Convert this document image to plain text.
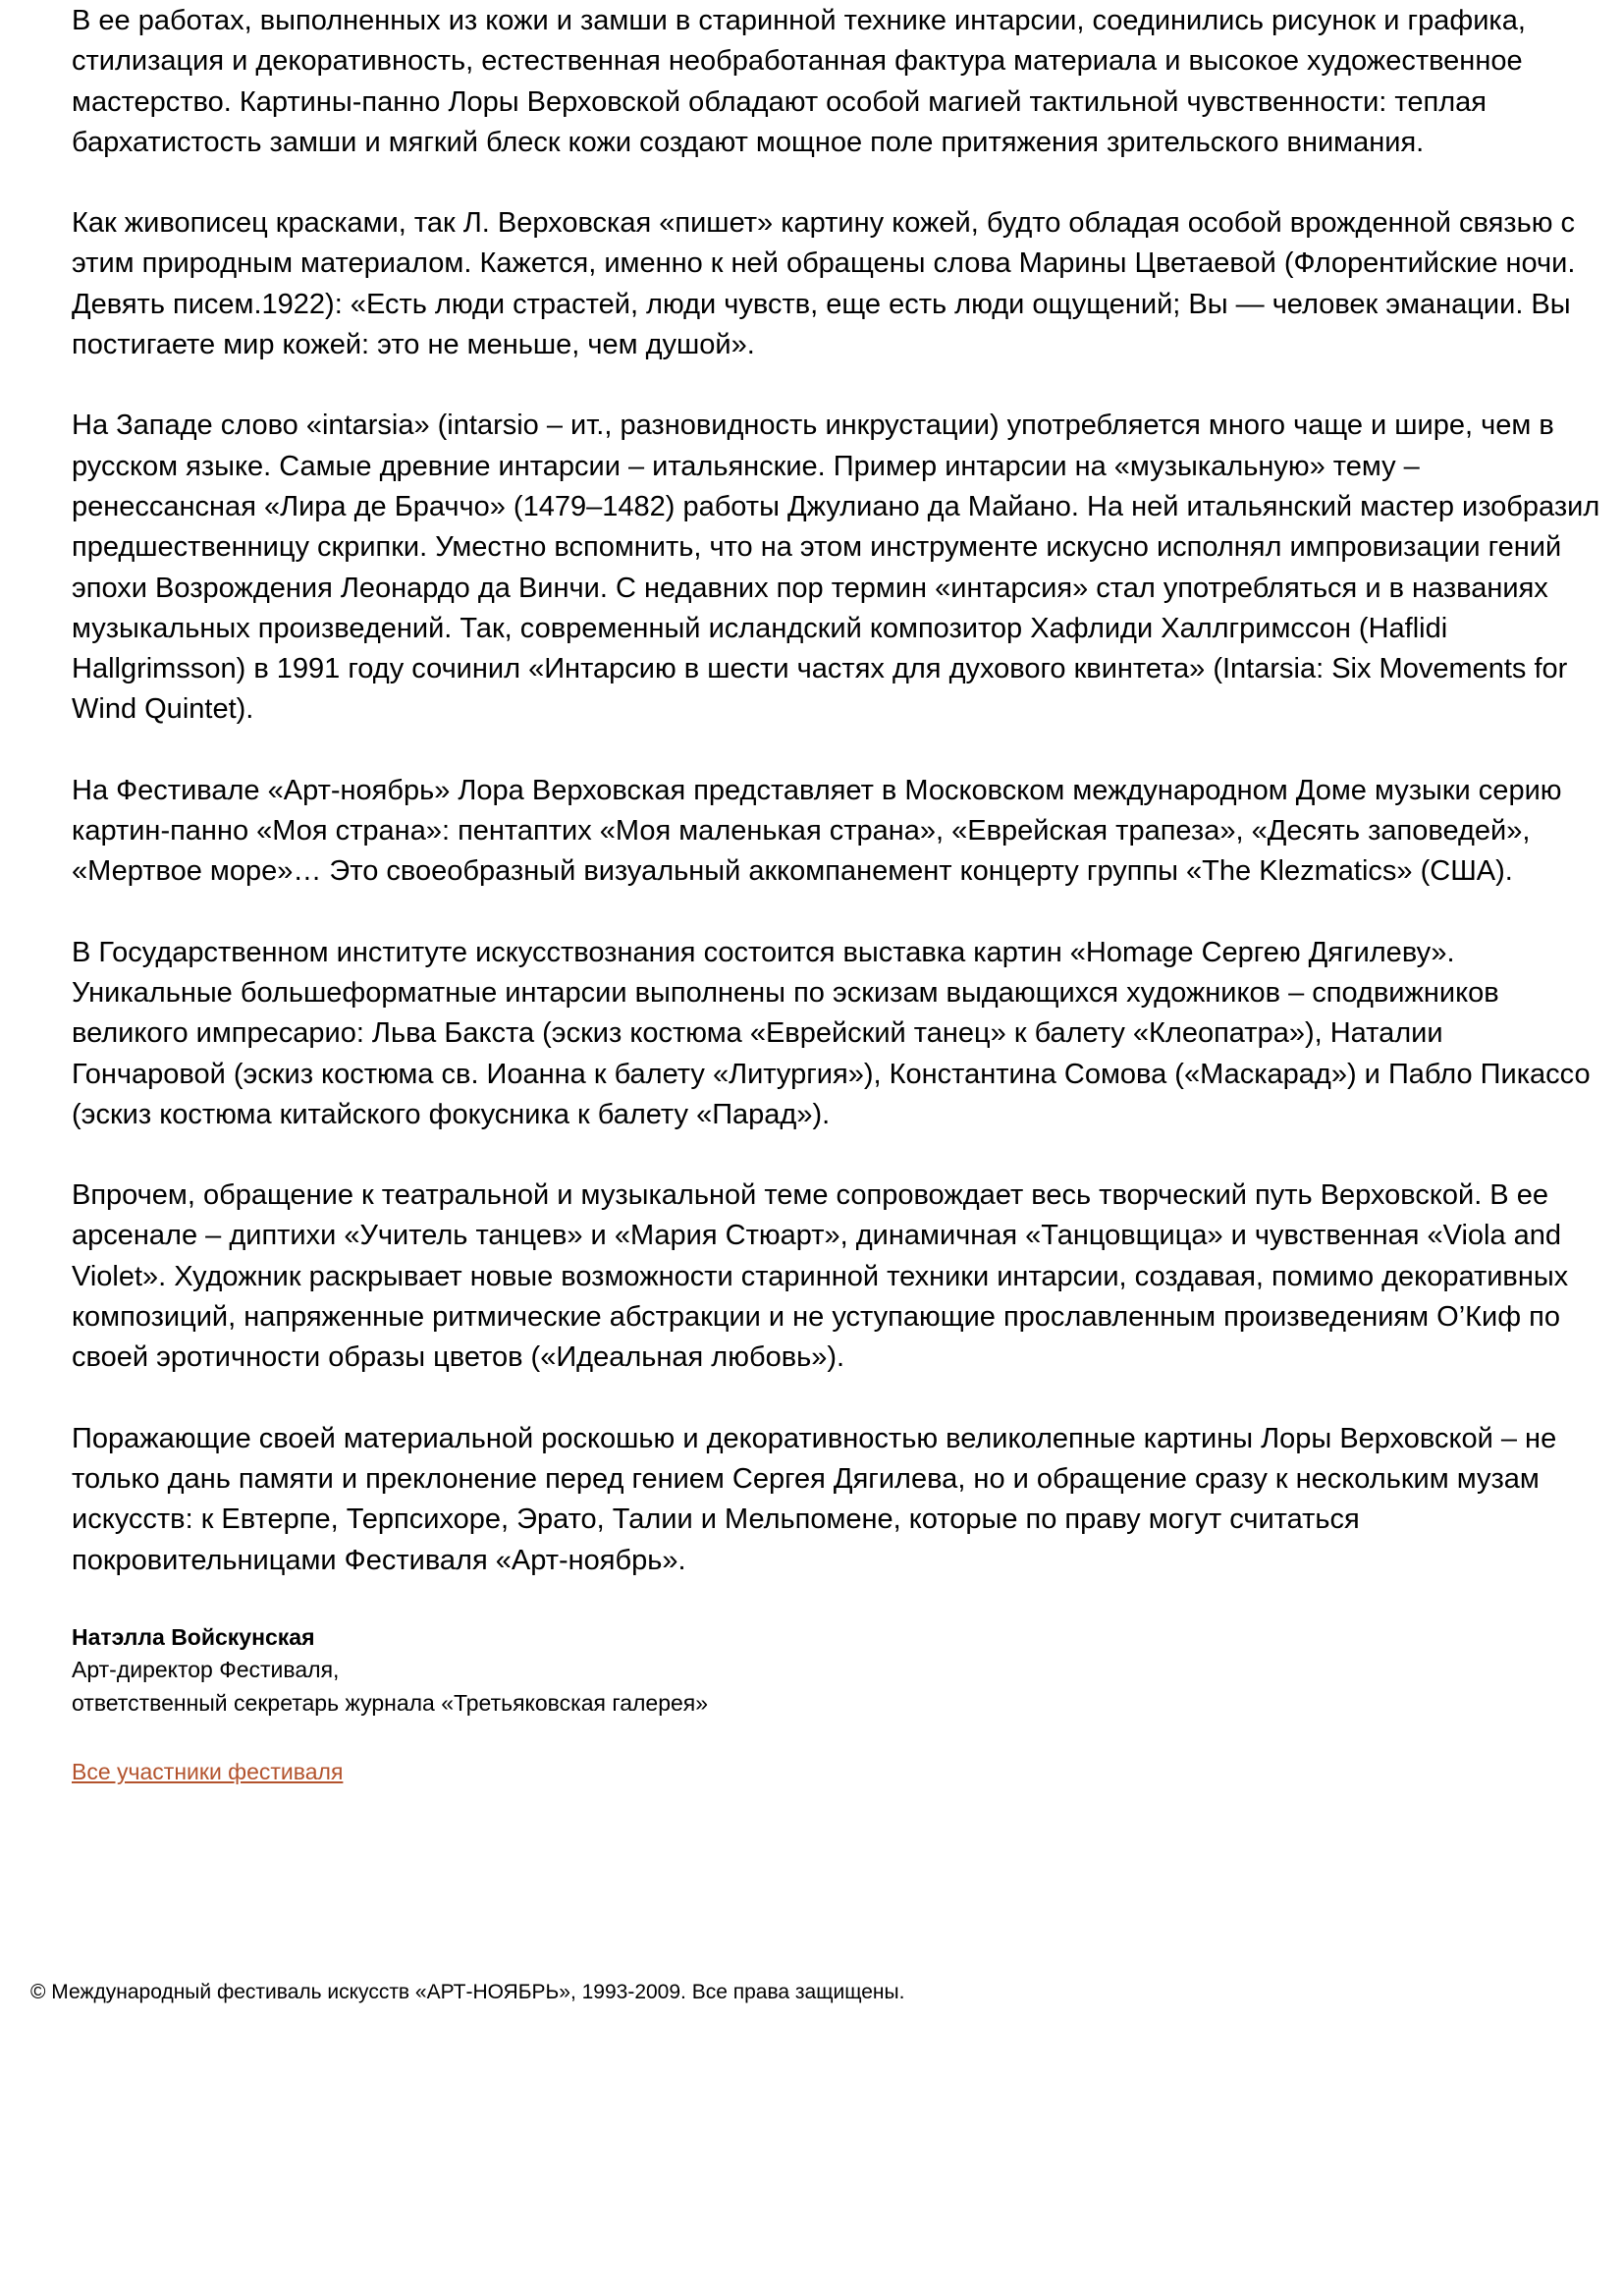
В ее работах, выполненных из кожи и замши в старинной технике интарсии, соединились рисунок и графика, стилизация и декоративность, естественная необработанная фактура материала и высокое художественное мастерство. Картины-панно Лоры Верховской обладают особой магией тактильной чувственности: теплая бархатистость замши и мягкий блеск кожи создают мощное поле притяжения зрительского внимания.

Как живописец красками, так Л. Верховская «пишет» картину кожей, будто обладая особой врожденной связью с этим природным материалом. Кажется, именно к ней обращены слова Марины Цветаевой (Флорентийские ночи. Девять писем.1922): «Есть люди страстей, люди чувств, еще есть люди ощущений; Вы — человек эманации. Вы постигаете мир кожей: это не меньше, чем душой».

На Западе слово «intarsia» (intarsio – ит., разновидность инкрустации) употребляется много чаще и шире, чем в русском языке. Самые древние интарсии – итальянские. Пример интарсии на «музыкальную» тему – ренессансная «Лира де Браччо» (1479–1482) работы Джулиано да Майано. На ней итальянский мастер изобразил предшественницу скрипки. Уместно вспомнить, что на этом инструменте искусно исполнял импровизации гений эпохи Возрождения Леонардо да Винчи. С недавних пор термин «интарсия» стал употребляться и в названиях музыкальных произведений. Так, современный исландский композитор Хафлиди Халлгримссон (Haflidi Hallgrimsson) в 1991 году сочинил «Интарсию в шести частях для духового квинтета» (Intarsia: Six Movements for Wind Quintet).

На Фестивале «Арт-ноябрь» Лора Верховская представляет в Московском международном Доме музыки серию картин-панно «Моя страна»: пентаптих «Моя маленькая страна», «Еврейская трапеза», «Десять заповедей», «Мертвое море»… Это своеобразный визуальный аккомпанемент концерту группы «The Klezmatics» (США).

В Государственном институте искусствознания состоится выставка картин «Homage Сергею Дягилеву». Уникальные большеформатные интарсии выполнены по эскизам выдающихся художников – сподвижников великого импресарио: Льва Бакста (эскиз костюма «Еврейский танец» к балету «Клеопатра»), Наталии Гончаровой (эскиз костюма св. Иоанна к балету «Литургия»), Константина Сомова («Маскарад») и Пабло Пикассо (эскиз костюма китайского фокусника к балету «Парад»).

Впрочем, обращение к театральной и музыкальной теме сопровождает весь творческий путь Верховской. В ее арсенале – диптихи «Учитель танцев» и «Мария Стюарт», динамичная «Танцовщица» и чувственная «Viola and Violet». Художник раскрывает новые возможности старинной техники интарсии, создавая, помимо декоративных композиций, напряженные ритмические абстракции и не уступающие прославленным произведениям О’Киф по своей эротичности образы цветов («Идеальная любовь»).

Поражающие своей материальной роскошью и декоративностью великолепные картины Лоры Верховской – не только дань памяти и преклонение перед гением Сергея Дягилева, но и обращение сразу к нескольким музам искусств: к Евтерпе, Терпсихоре, Эрато, Талии и Мельпомене, которые по праву могут считаться покровительницами Фестиваля «Арт-ноябрь».

Натэлла Войскунская
Арт-директор Фестиваля,
ответственный секретарь журнала «Третьяковская галерея»
Все участники фестиваля

© Международный фестиваль искусств «АРТ-НОЯБРЬ», 1993-2009. Все права защищены.
